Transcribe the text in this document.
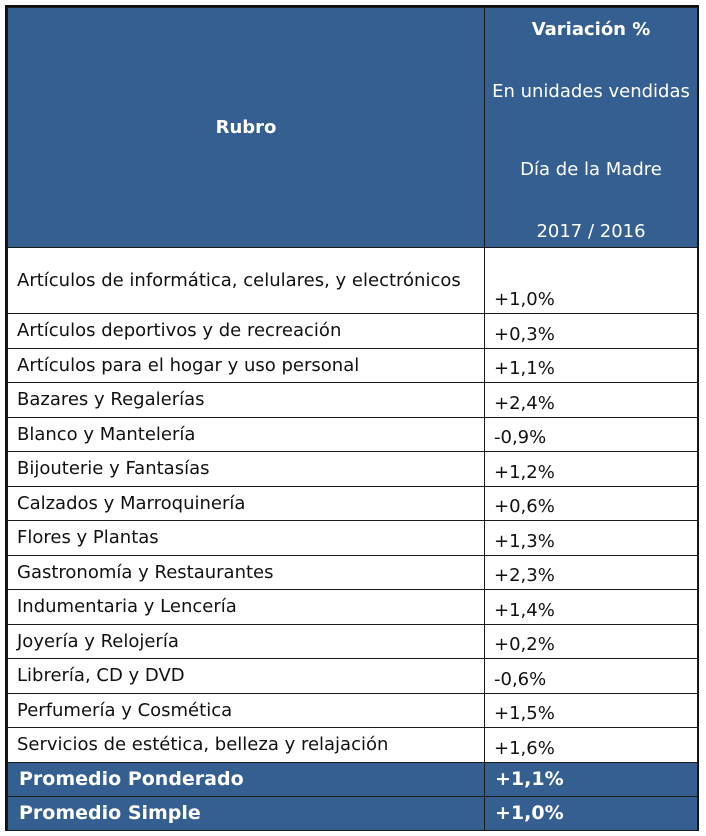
Rubro	Variación %
En unidades vendidas
Día de la Madre
2017 / 2016

Artículos de informática, celulares, y electrónicos	+1,0%
Artículos deportivos y de recreación	+0,3%
Artículos para el hogar y uso personal	+1,1%
Bazares y Regalerías	+2,4%
Blanco y Mantelería	-0,9%
Bijouterie y Fantasías	+1,2%
Calzados y Marroquinería	+0,6%
Flores y Plantas	+1,3%
Gastronomía y Restaurantes	+2,3%
Indumentaria y Lencería	+1,4%
Joyería y Relojería	+0,2%
Librería, CD y DVD	-0,6%
Perfumería y Cosmética	+1,5%
Servicios de estética, belleza y relajación	+1,6%
Promedio Ponderado	+1,1%
Promedio Simple	+1,0%
